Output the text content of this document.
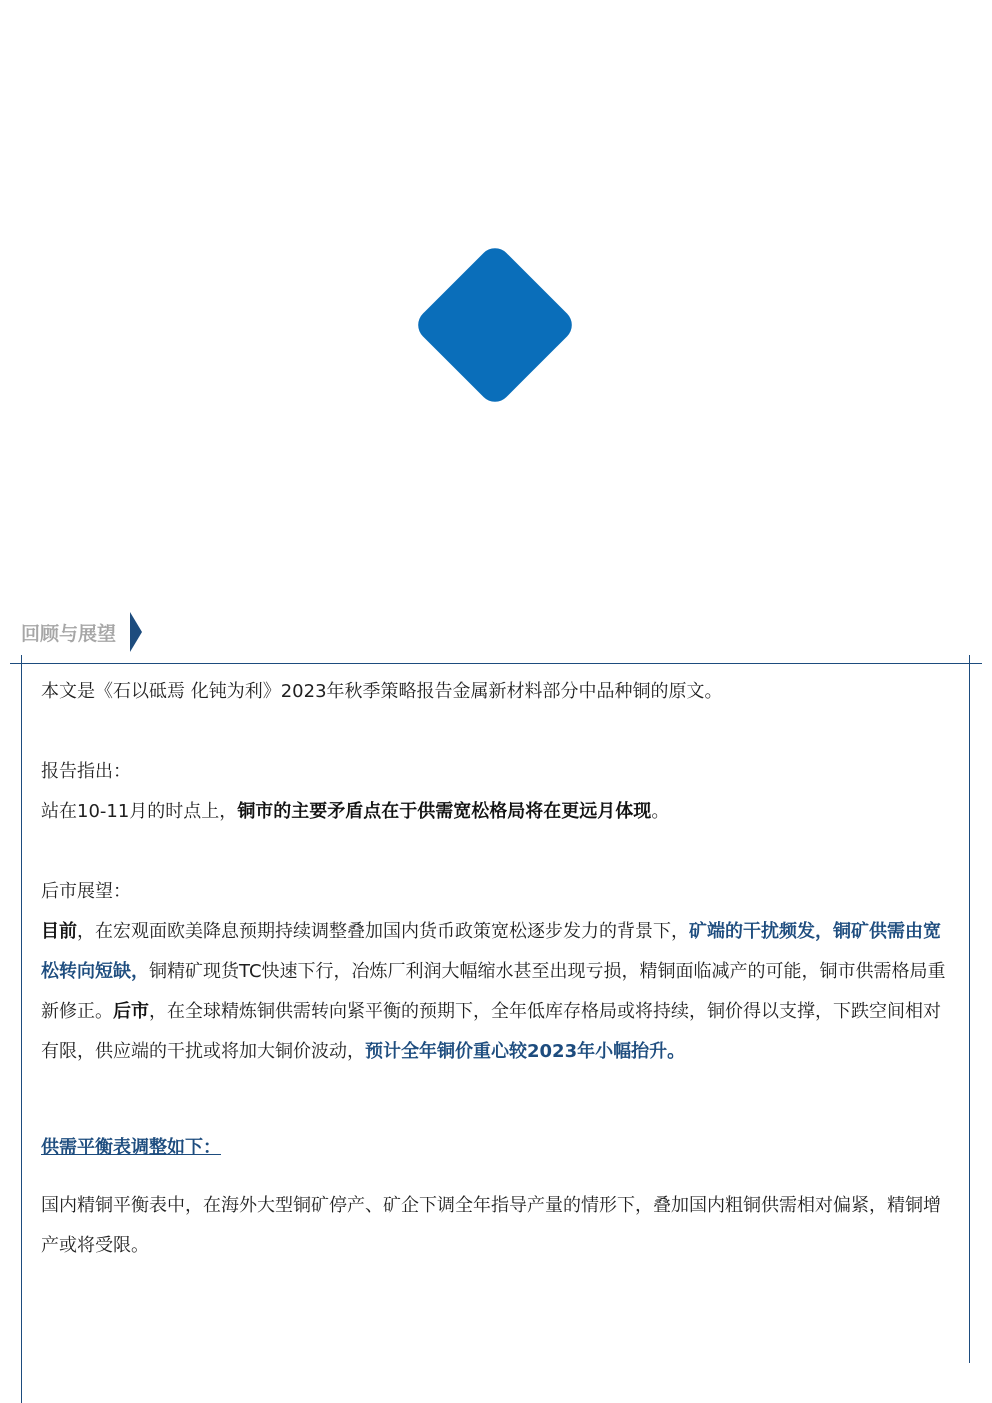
回顾与展望

本文是《石以砥焉 化钝为利》2023年秋季策略报告金属新材料部分中品种铜的原文。

报告指出：

站在10-11月的时点上，铜市的主要矛盾点在于供需宽松格局将在更远月体现。

后市展望：

目前，在宏观面欧美降息预期持续调整叠加国内货币政策宽松逐步发力的背景下，矿端的干扰频发，铜矿供需由宽松转向短缺，铜精矿现货TC快速下行，冶炼厂利润大幅缩水甚至出现亏损，精铜面临减产的可能，铜市供需格局重新修正。后市，在全球精炼铜供需转向紧平衡的预期下，全年低库存格局或将持续，铜价得以支撑，下跌空间相对有限，供应端的干扰或将加大铜价波动，预计全年铜价重心较2023年小幅抬升。

供需平衡表调整如下：

国内精铜平衡表中，在海外大型铜矿停产、矿企下调全年指导产量的情形下，叠加国内粗铜供需相对偏紧，精铜增产或将受限。
